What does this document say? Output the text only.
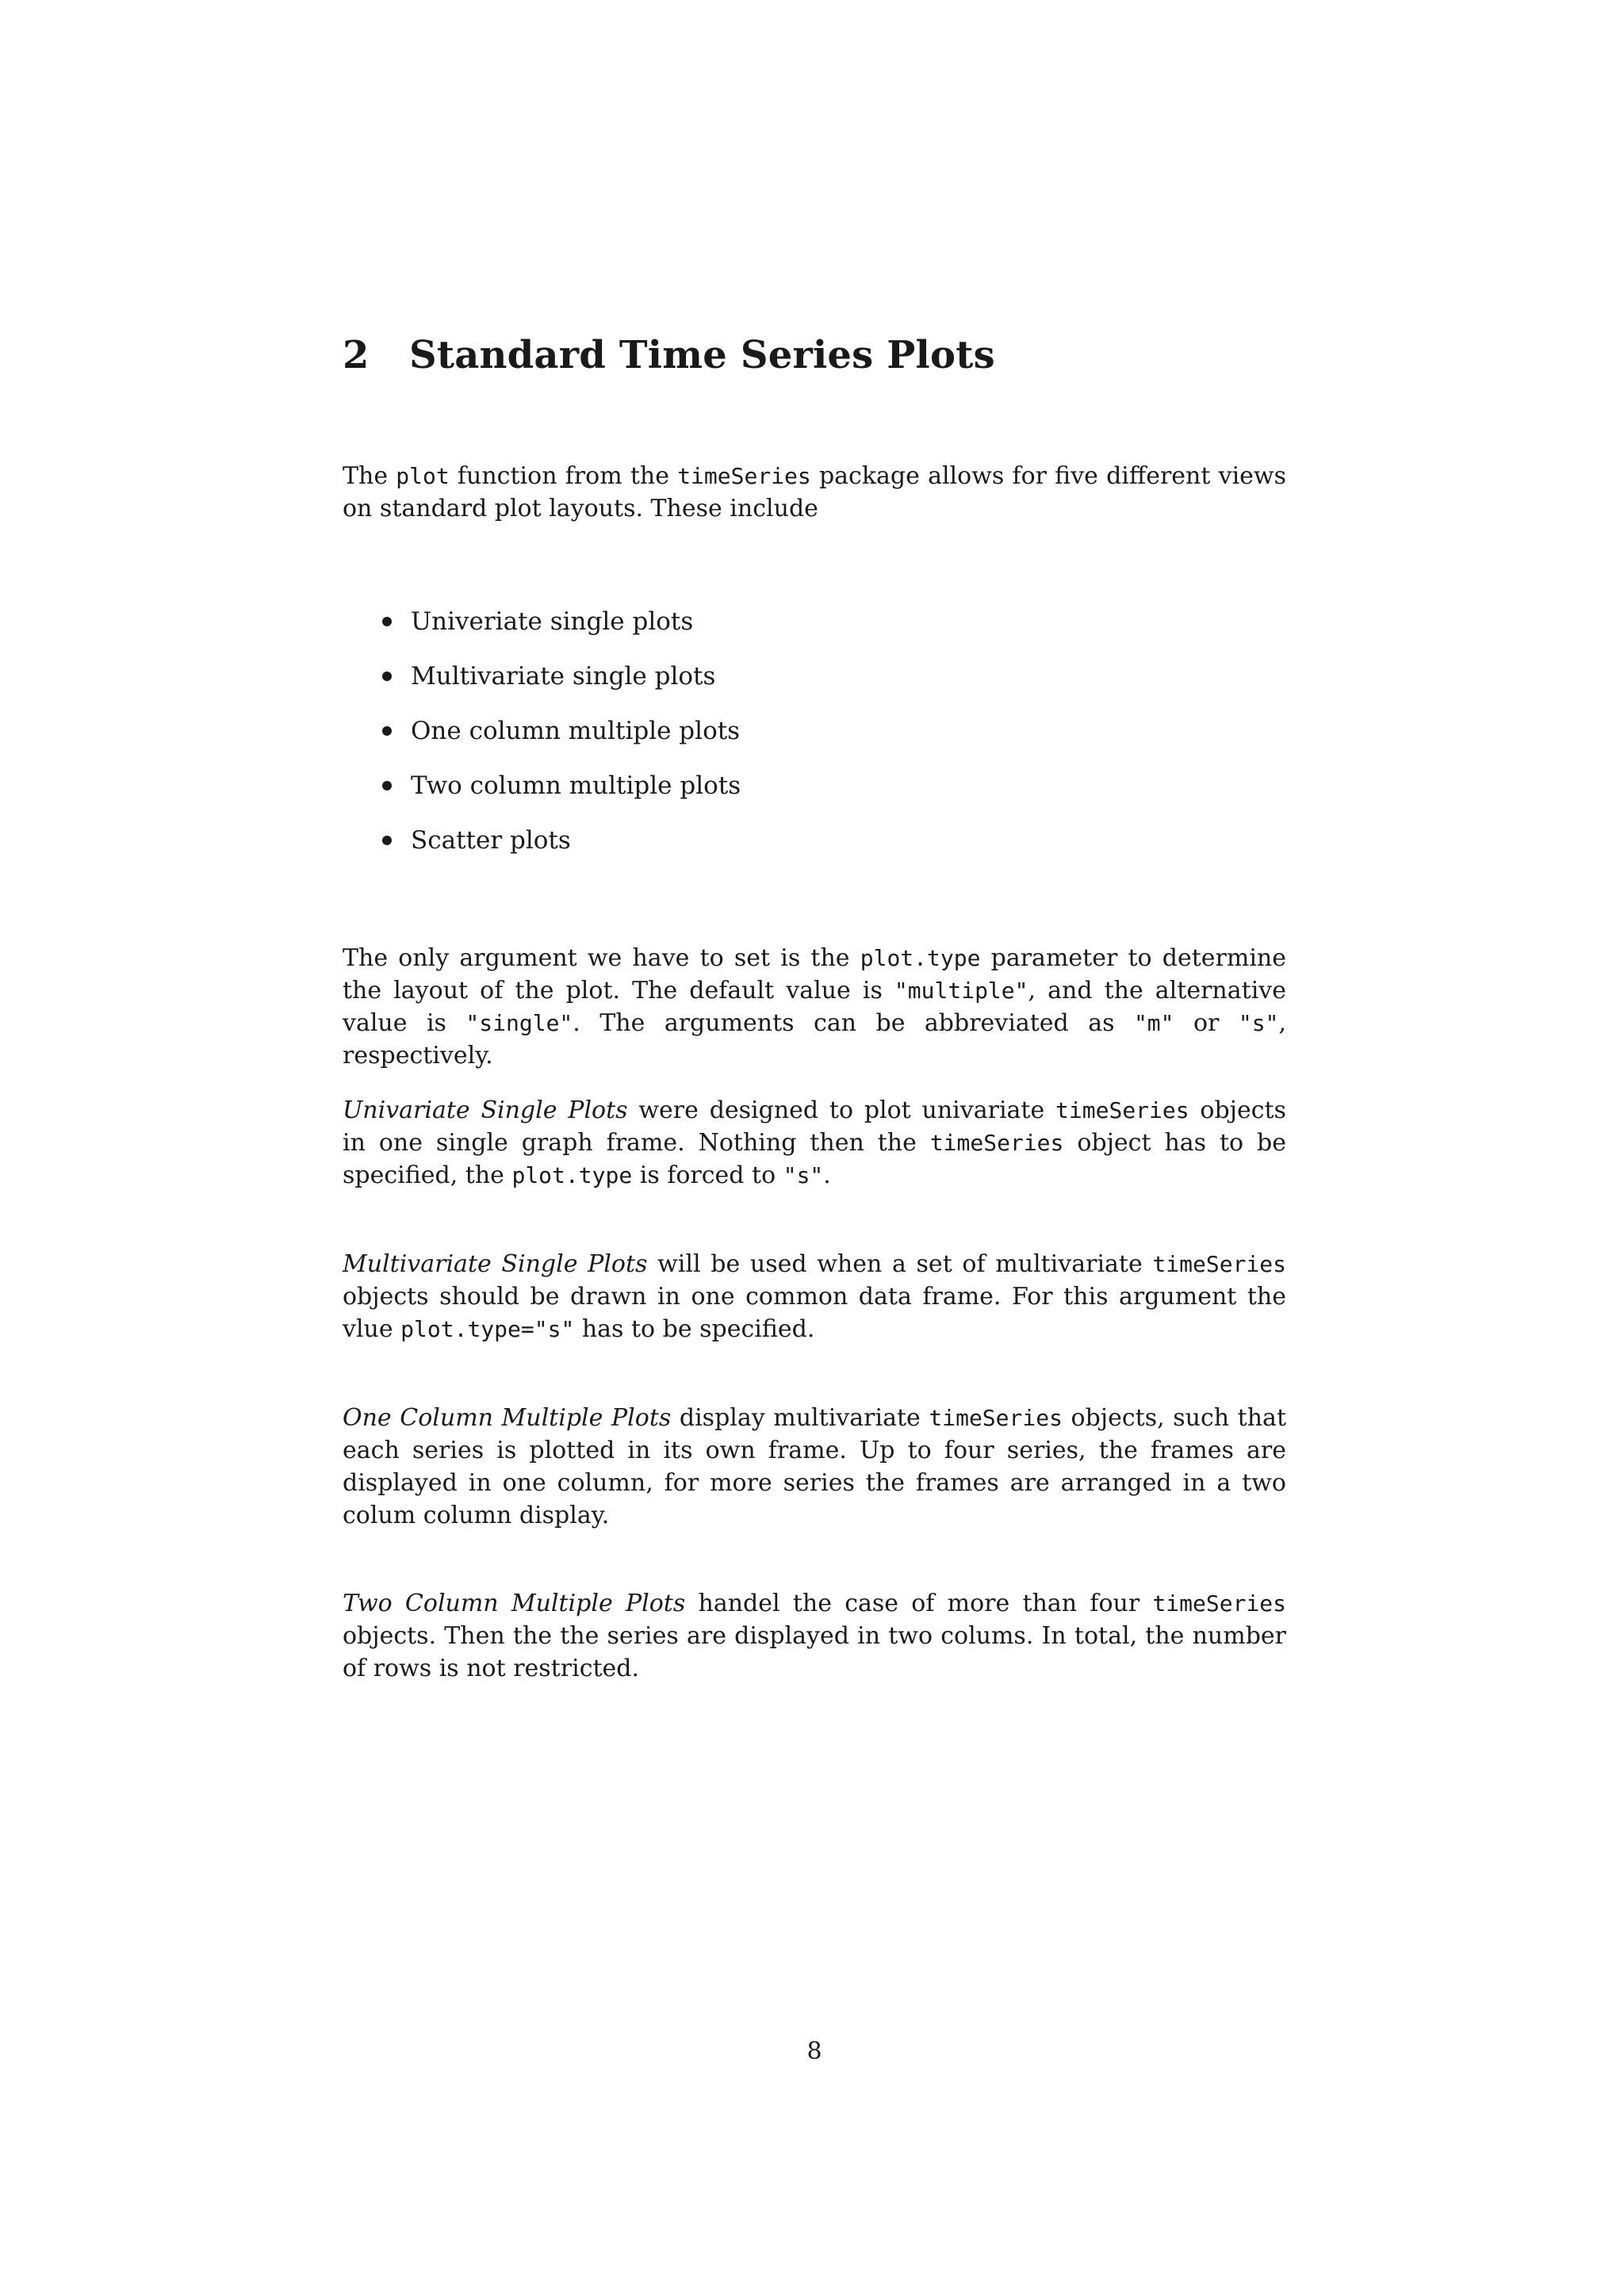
2 Standard Time Series Plots

The plot function from the timeSeries package allows for five different views on standard plot layouts. These include

Univeriate single plots
Multivariate single plots
One column multiple plots
Two column multiple plots
Scatter plots

The only argument we have to set is the plot.type parameter to determine the layout of the plot. The default value is "multiple", and the alternative value is "single". The arguments can be abbreviated as "m" or "s", respectively.

Univariate Single Plots were designed to plot univariate timeSeries objects in one single graph frame. Nothing then the timeSeries object has to be specified, the plot.type is forced to "s".

Multivariate Single Plots will be used when a set of multivariate timeSeries objects should be drawn in one common data frame. For this argument the vlue plot.type="s" has to be specified.

One Column Multiple Plots display multivariate timeSeries objects, such that each series is plotted in its own frame. Up to four series, the frames are displayed in one column, for more series the frames are arranged in a two colum column display.

Two Column Multiple Plots handel the case of more than four timeSeries objects. Then the the series are displayed in two colums. In total, the number of rows is not restricted.

8
